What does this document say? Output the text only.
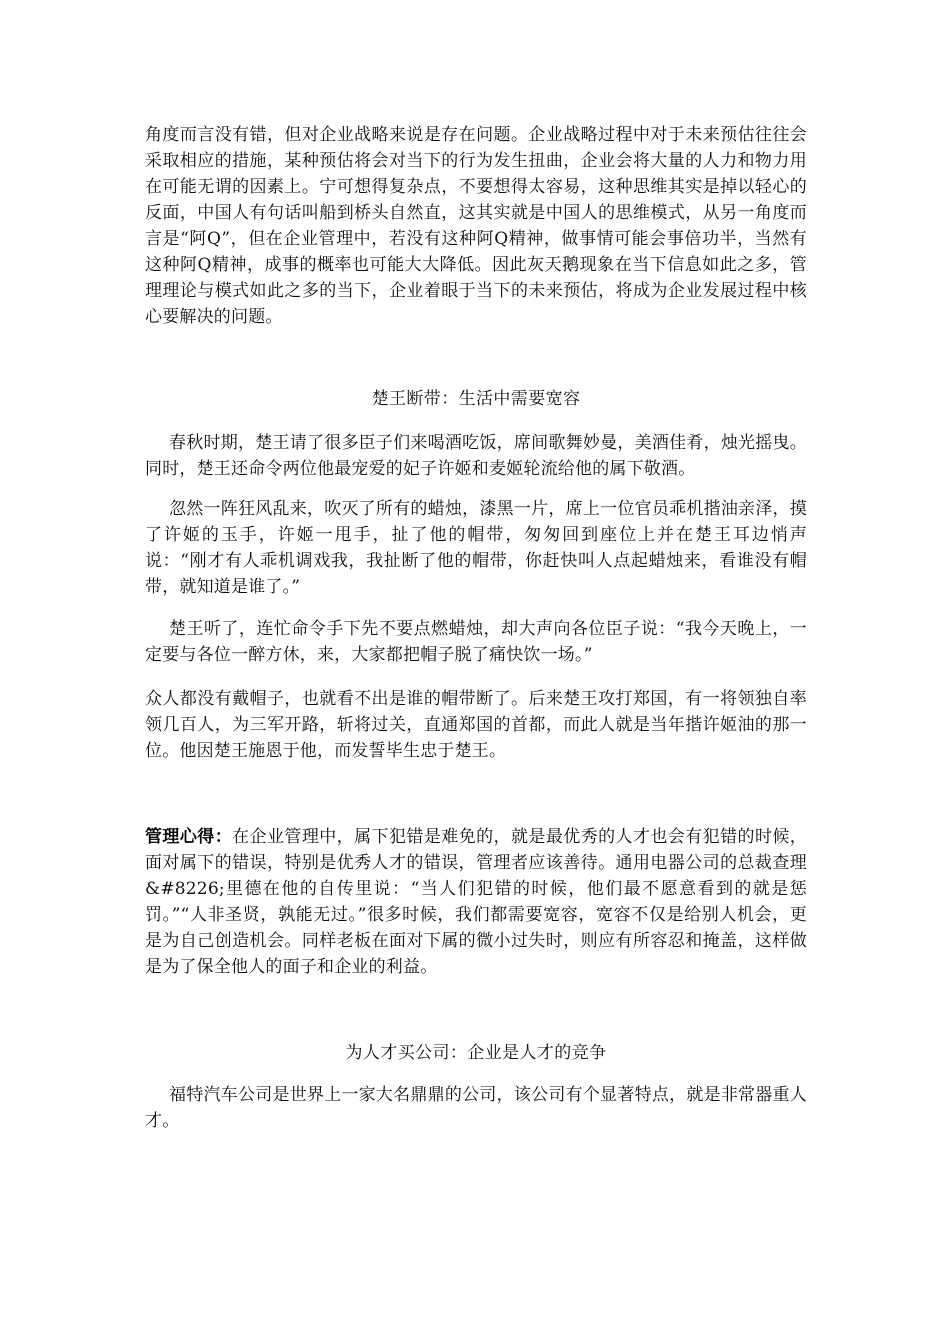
角度而言没有错，但对企业战略来说是存在问题。企业战略过程中对于未来预估往往会采取相应的措施，某种预估将会对当下的行为发生扭曲，企业会将大量的人力和物力用在可能无谓的因素上。宁可想得复杂点，不要想得太容易，这种思维其实是掉以轻心的反面，中国人有句话叫船到桥头自然直，这其实就是中国人的思维模式，从另一角度而言是“阿Q”，但在企业管理中，若没有这种阿Q精神，做事情可能会事倍功半，当然有这种阿Q精神，成事的概率也可能大大降低。因此灰天鹅现象在当下信息如此之多，管理理论与模式如此之多的当下，企业着眼于当下的未来预估，将成为企业发展过程中核心要解决的问题。

楚王断带：生活中需要宽容

春秋时期，楚王请了很多臣子们来喝酒吃饭，席间歌舞妙曼，美酒佳肴，烛光摇曳。同时，楚王还命令两位他最宠爱的妃子许姬和麦姬轮流给他的属下敬酒。

忽然一阵狂风乱来，吹灭了所有的蜡烛，漆黑一片，席上一位官员乖机揩油亲泽，摸了许姬的玉手，许姬一甩手，扯了他的帽带，匆匆回到座位上并在楚王耳边悄声说：“刚才有人乖机调戏我，我扯断了他的帽带，你赶快叫人点起蜡烛来，看谁没有帽带，就知道是谁了。”

楚王听了，连忙命令手下先不要点燃蜡烛，却大声向各位臣子说：“我今天晚上，一定要与各位一醉方休，来，大家都把帽子脱了痛快饮一场。”

众人都没有戴帽子，也就看不出是谁的帽带断了。后来楚王攻打郑国，有一将领独自率领几百人，为三军开路，斩将过关，直通郑国的首都，而此人就是当年揩许姬油的那一位。他因楚王施恩于他，而发誓毕生忠于楚王。

管理心得：在企业管理中，属下犯错是难免的，就是最优秀的人才也会有犯错的时候，面对属下的错误，特别是优秀人才的错误，管理者应该善待。通用电器公司的总裁查理&#8226;里德在他的自传里说：“当人们犯错的时候，他们最不愿意看到的就是惩罚。”“人非圣贤，孰能无过。”很多时候，我们都需要宽容，宽容不仅是给别人机会，更是为自己创造机会。同样老板在面对下属的微小过失时，则应有所容忍和掩盖，这样做是为了保全他人的面子和企业的利益。

为人才买公司：企业是人才的竞争

福特汽车公司是世界上一家大名鼎鼎的公司，该公司有个显著特点，就是非常器重人才。
